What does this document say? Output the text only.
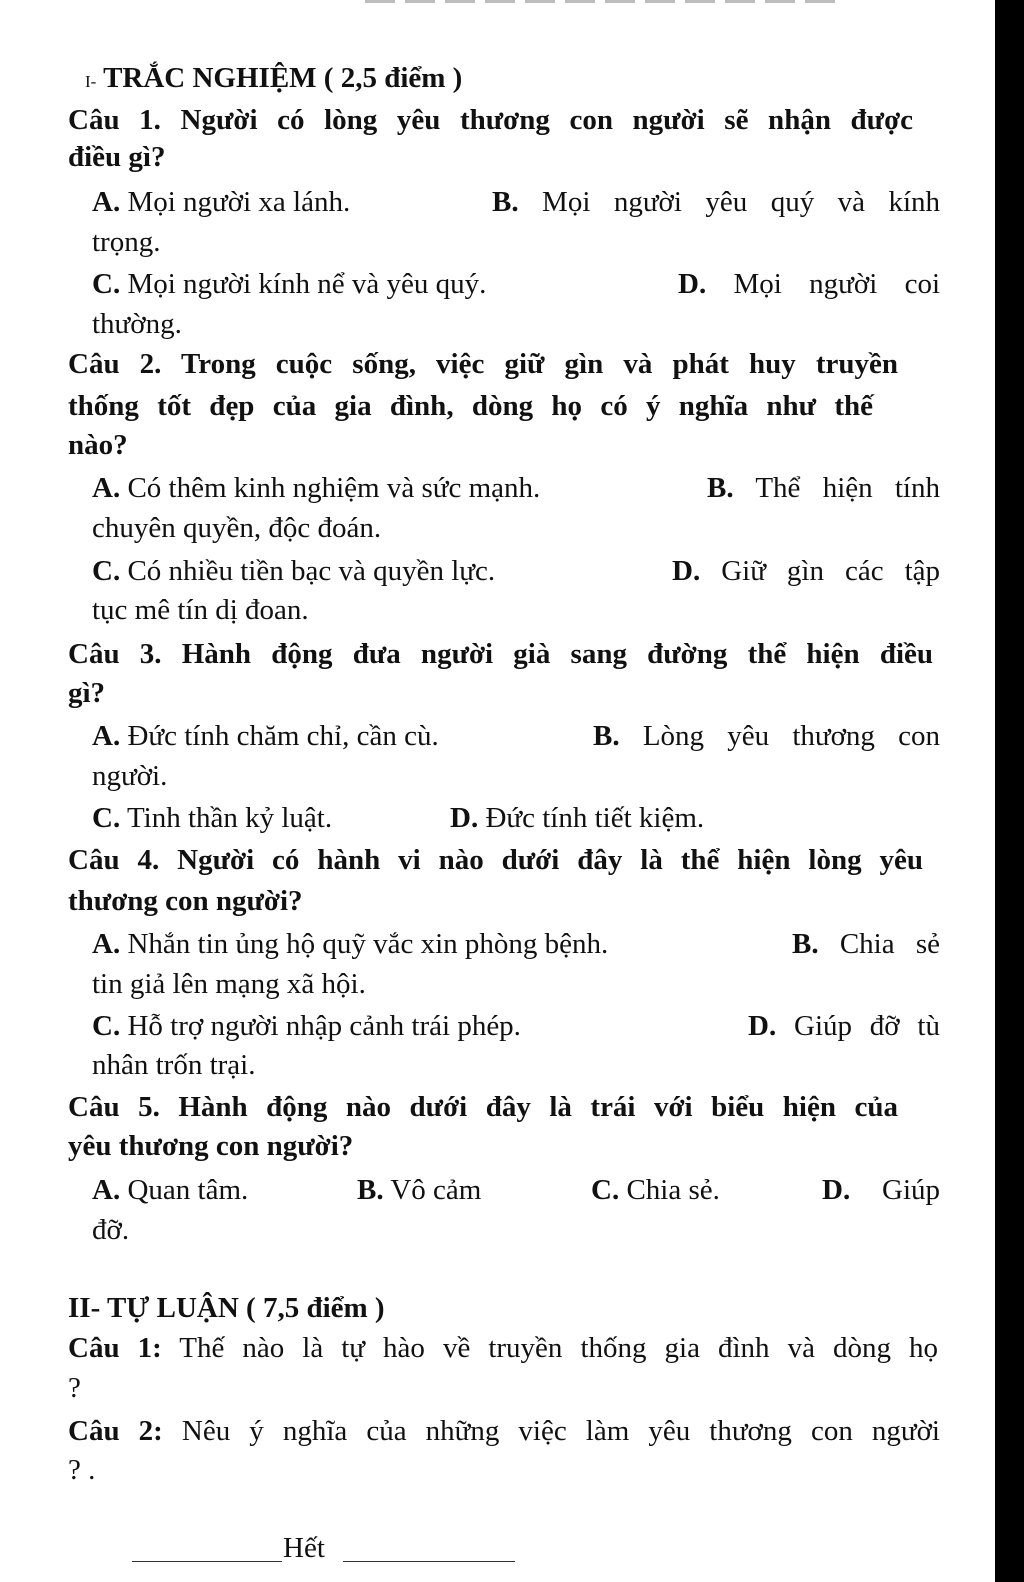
I- TRẮC NGHIỆM ( 2,5 điểm )
Câu 1. Người có lòng yêu thương con người sẽ nhận được
điều gì?
A. Mọi người xa lánh.	B. Mọi người yêu quý và kính
trọng.
C. Mọi người kính nể và yêu quý.	D. Mọi người coi
thường.
Câu 2. Trong cuộc sống, việc giữ gìn và phát huy truyền
thống tốt đẹp của gia đình, dòng họ có ý nghĩa như thế
nào?
A. Có thêm kinh nghiệm và sức mạnh.	B. Thể hiện tính
chuyên quyền, độc đoán.
C. Có nhiều tiền bạc và quyền lực.	D. Giữ gìn các tập
tục mê tín dị đoan.
Câu 3. Hành động đưa người già sang đường thể hiện điều
gì?
A. Đức tính chăm chỉ, cần cù.	B. Lòng yêu thương con
người.
C. Tinh thần kỷ luật.	D. Đức tính tiết kiệm.
Câu 4. Người có hành vi nào dưới đây là thể hiện lòng yêu
thương con người?
A. Nhắn tin ủng hộ quỹ vắc xin phòng bệnh.	B. Chia sẻ
tin giả lên mạng xã hội.
C. Hỗ trợ người nhập cảnh trái phép.	D. Giúp đỡ tù
nhân trốn trại.
Câu 5. Hành động nào dưới đây là trái với biểu hiện của
yêu thương con người?
A. Quan tâm.	B. Vô cảm	C. Chia sẻ.	D. Giúp
đỡ.
II- TỰ LUẬN ( 7,5 điểm )
Câu 1: Thế nào là tự hào về truyền thống gia đình và dòng họ
?
Câu 2: Nêu ý nghĩa của những việc làm yêu thương con người
? .
Hết
